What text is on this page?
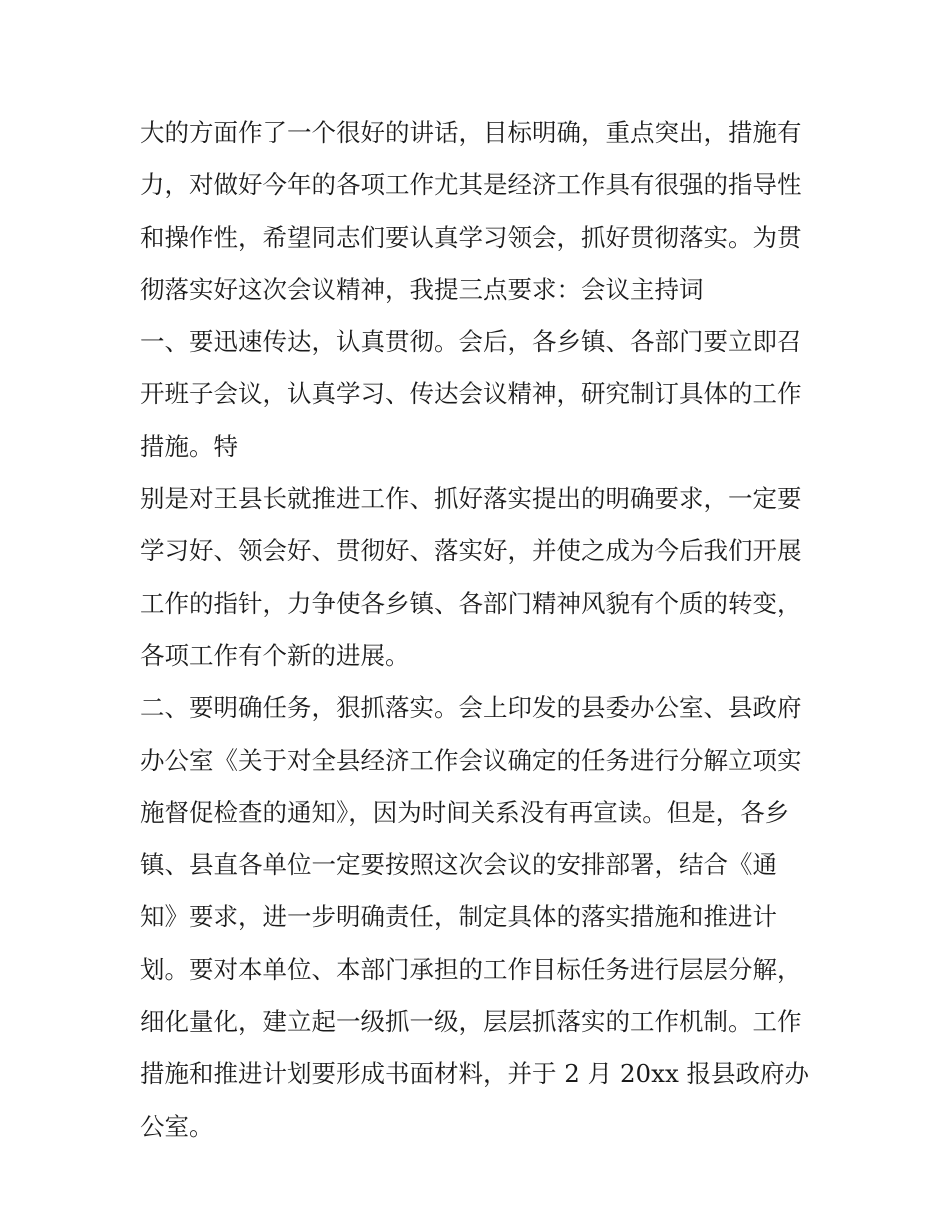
大的方面作了一个很好的讲话，目标明确，重点突出，措施有
力，对做好今年的各项工作尤其是经济工作具有很强的指导性
和操作性，希望同志们要认真学习领会，抓好贯彻落实。为贯
彻落实好这次会议精神，我提三点要求：会议主持词
一、要迅速传达，认真贯彻。会后，各乡镇、各部门要立即召
开班子会议，认真学习、传达会议精神，研究制订具体的工作
措施。特
别是对王县长就推进工作、抓好落实提出的明确要求，一定要
学习好、领会好、贯彻好、落实好，并使之成为今后我们开展
工作的指针，力争使各乡镇、各部门精神风貌有个质的转变，
各项工作有个新的进展。
二、要明确任务，狠抓落实。会上印发的县委办公室、县政府
办公室《关于对全县经济工作会议确定的任务进行分解立项实
施督促检查的通知》，因为时间关系没有再宣读。但是，各乡
镇、县直各单位一定要按照这次会议的安排部署，结合《通
知》要求，进一步明确责任，制定具体的落实措施和推进计
划。要对本单位、本部门承担的工作目标任务进行层层分解，
细化量化，建立起一级抓一级，层层抓落实的工作机制。工作
措施和推进计划要形成书面材料，并于 2 月 20xx 报县政府办
公室。
